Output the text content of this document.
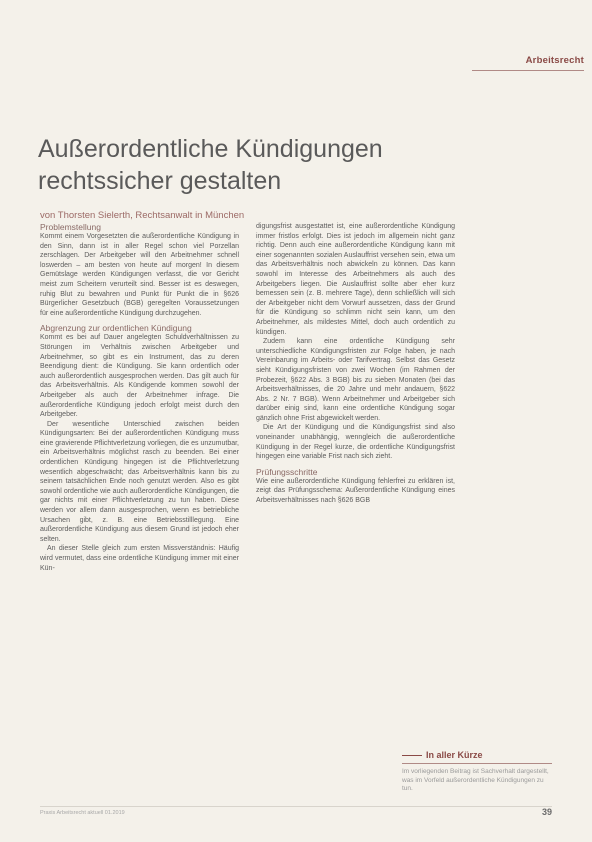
Arbeitsrecht
Außerordentliche Kündigungen
rechtssicher gestalten
von Thorsten Sielerth, Rechtsanwalt in München
Problemstellung

Kommt einem Vorgesetzten die außerordentliche Kündigung in den Sinn, dann ist in aller Regel schon viel Porzellan zerschlagen. Der Arbeitgeber will den Arbeitnehmer schnell loswerden – am besten von heute auf morgen! In diesem Gemütslage werden Kündigungen verfasst, die vor Gericht meist zum Scheitern verurteilt sind. Besser ist es deswegen, ruhig Blut zu bewahren und Punkt für Punkt die in §626 Bürgerlicher Gesetzbuch (BGB) geregelten Voraussetzungen für eine außerordentliche Kündigung durchzugehen.

Abgrenzung zur ordentlichen Kündigung

Kommt es bei auf Dauer angelegten Schuldverhältnissen zu Störungen im Verhältnis zwischen Arbeitgeber und Arbeitnehmer, so gibt es ein Instrument, das zu deren Beendigung dient: die Kündigung. Sie kann ordentlich oder auch außerordentlich ausgesprochen werden. Das gilt auch für das Arbeitsverhältnis. Als Kündigende kommen sowohl der Arbeitgeber als auch der Arbeitnehmer infrage. Die außerordentliche Kündigung jedoch erfolgt meist durch den Arbeitgeber.

Der wesentliche Unterschied zwischen beiden Kündigungsarten: Bei der außerordentlichen Kündigung muss eine gravierende Pflichtverletzung vorliegen, die es unzumutbar, ein Arbeitsverhältnis möglichst rasch zu beenden. Bei einer ordentlichen Kündigung hingegen ist die Pflichtverletzung wesentlich abgeschwächt; das Arbeitsverhältnis kann bis zu seinem tatsächlichen Ende noch genutzt werden. Also es gibt sowohl ordentliche wie auch außerordentliche Kündigungen, die gar nichts mit einer Pflichtverletzung zu tun haben. Diese werden vor allem dann ausgesprochen, wenn es betriebliche Ursachen gibt, z. B. eine Betriebsstilllegung. Eine außerordentliche Kündigung aus diesem Grund ist jedoch eher selten.

An dieser Stelle gleich zum ersten Missverständnis: Häufig wird vermutet, dass eine ordentliche Kündigung immer mit einer Kün-

digungsfrist ausgestattet ist, eine außerordentliche Kündigung immer fristlos erfolgt. Dies ist jedoch im allgemein nicht ganz richtig. Denn auch eine außerordentliche Kündigung kann mit einer sogenannten sozialen Auslauffrist versehen sein, etwa um das Arbeitsverhältnis noch abwickeln zu können. Das kann sowohl im Interesse des Arbeitnehmers als auch des Arbeitgebers liegen. Die Auslauffrist sollte aber eher kurz bemessen sein (z. B. mehrere Tage), denn schließlich will sich der Arbeitgeber nicht dem Vorwurf aussetzen, dass der Grund für die Kündigung so schlimm nicht sein kann, um den Arbeitnehmer, als mildestes Mittel, doch auch ordentlich zu kündigen.

Zudem kann eine ordentliche Kündigung sehr unterschiedliche Kündigungsfristen zur Folge haben, je nach Vereinbarung im Arbeits- oder Tarifvertrag. Selbst das Gesetz sieht Kündigungsfristen von zwei Wochen (im Rahmen der Probezeit, §622 Abs. 3 BGB) bis zu sieben Monaten (bei das Arbeitsverhältnisses, die 20 Jahre und mehr andauern, §622 Abs. 2 Nr. 7 BGB). Wenn Arbeitnehmer und Arbeitgeber sich darüber einig sind, kann eine ordentliche Kündigung sogar gänzlich ohne Frist abgewickelt werden.

Die Art der Kündigung und die Kündigungsfrist sind also voneinander unabhängig, wenngleich die außerordentliche Kündigung in der Regel kurze, die ordentliche Kündigungsfrist hingegen eine variable Frist nach sich zieht.

Prüfungsschritte

Wie eine außerordentliche Kündigung fehlerfrei zu erklären ist, zeigt das Prüfungsschema: Außerordentliche Kündigung eines Arbeitsverhältnisses nach §626 BGB

In aller Kürze
Im vorliegenden Beitrag ist Sachverhalt dargestellt, was im Vorfeld außerordentliche Kündigungen zu tun.
Praxis Arbeitsrecht aktuell 01.2019	39
